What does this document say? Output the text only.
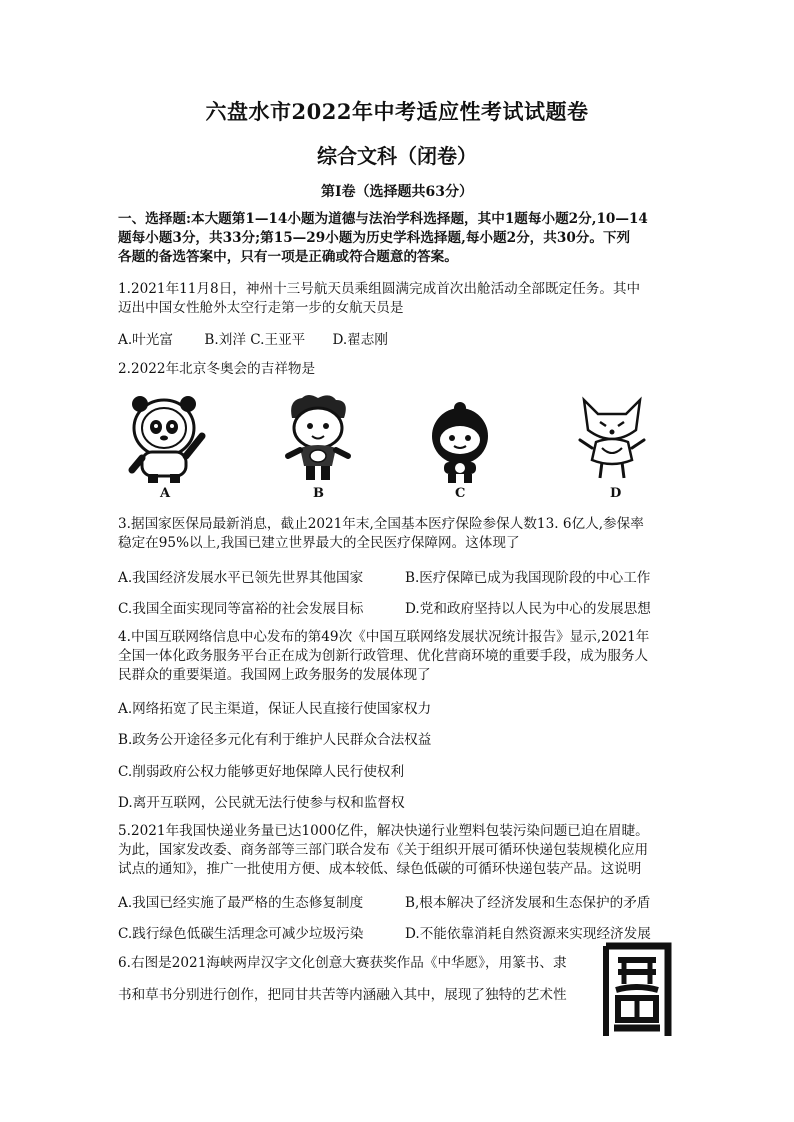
六盘水市2022年中考适应性考试试题卷
综合文科（闭卷）
第Ⅰ卷（选择题共63分）
一、选择题:本大题第1—14小题为道德与法治学科选择题，其中1题每小题2分,10—14
题每小题3分，共33分;第15—29小题为历史学科选择题,每小题2分，共30分。下列
各题的备选答案中，只有一项是正确或符合题意的答案。
1.2021年11月8日，神州十三号航天员乘组圆满完成首次出舱活动全部既定任务。其中
迈出中国女性舱外太空行走第一步的女航天员是
A.叶光富　　 B.刘洋 C.王亚平　　D.翟志刚
2.2022年北京冬奥会的吉祥物是
A	B	C	D
3.据国家医保局最新消息，截止2021年末,全国基本医疗保险参保人数13. 6亿人,参保率
稳定在95%以上,我国已建立世界最大的全民医疗保障网。这体现了
A.我国经济发展水平已领先世界其他国家	B.医疗保障已成为我国现阶段的中心工作
C.我国全面实现同等富裕的社会发展目标	D.党和政府坚持以人民为中心的发展思想
4.中国互联网络信息中心发布的第49次《中国互联网络发展状况统计报告》显示,2021年
全国一体化政务服务平台正在成为创新行政管理、优化营商环境的重要手段，成为服务人
民群众的重要渠道。我国网上政务服务的发展体现了
A.网络拓宽了民主渠道，保证人民直接行使国家权力
B.政务公开途径多元化有利于维护人民群众合法权益
C.削弱政府公权力能够更好地保障人民行使权利
D.离开互联网，公民就无法行使参与权和监督权
5.2021年我国快递业务量已达1000亿件，解决快递行业塑料包装污染问题已迫在眉睫。
为此，国家发改委、商务部等三部门联合发布《关于组织开展可循环快递包装规模化应用
试点的通知》，推广一批使用方便、成本较低、绿色低碳的可循环快递包装产品。这说明
A.我国已经实施了最严格的生态修复制度	B,根本解决了经济发展和生态保护的矛盾
C.践行绿色低碳生活理念可减少垃圾污染	D.不能依靠消耗自然资源来实现经济发展
6.右图是2021海峡两岸汉字文化创意大赛获奖作品《中华愿》，用篆书、隶
书和草书分别进行创作，把同甘共苦等内涵融入其中，展现了独特的艺术性
